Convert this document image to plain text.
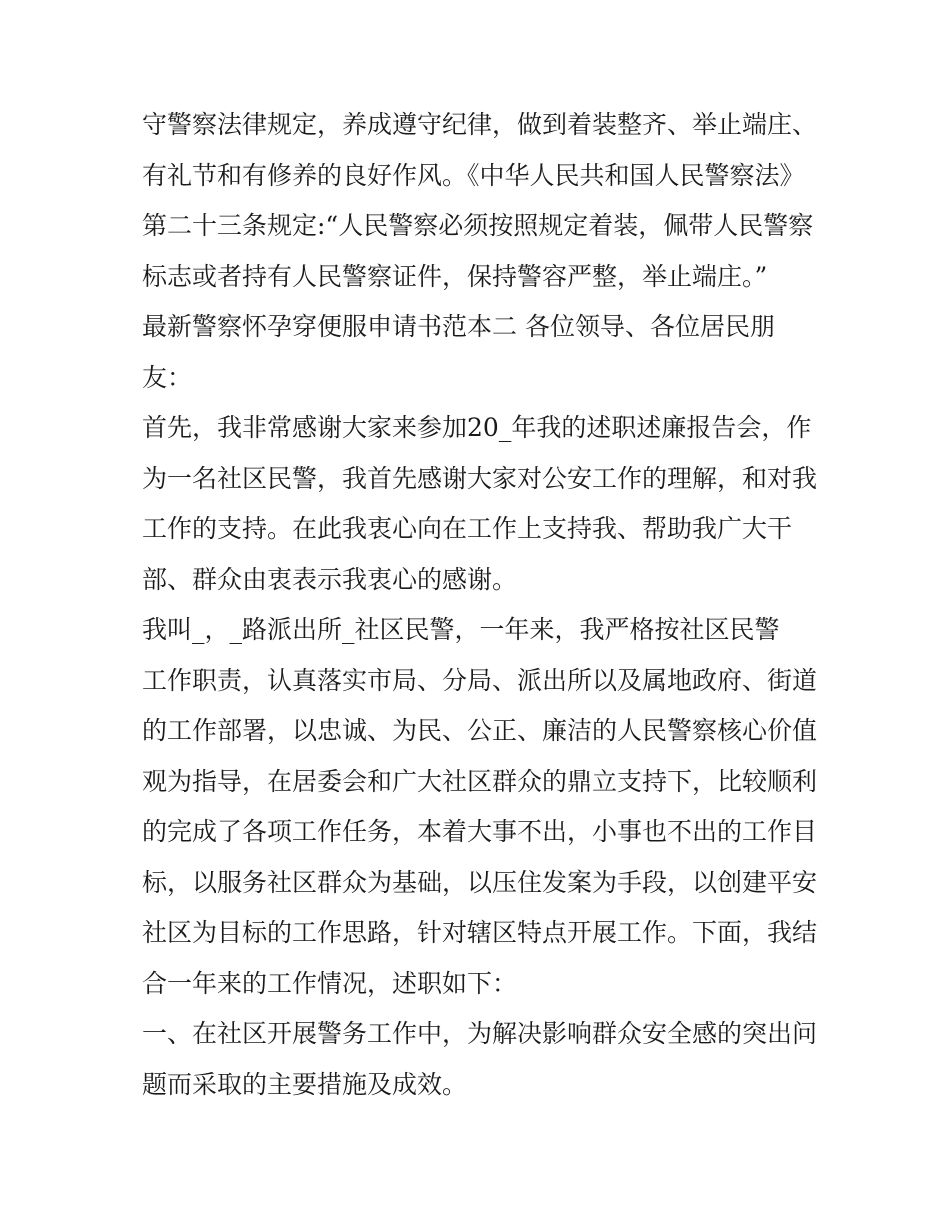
守警察法律规定，养成遵守纪律，做到着装整齐、举止端庄、
有礼节和有修养的良好作风。《中华人民共和国人民警察法》
第二十三条规定:“人民警察必须按照规定着装，佩带人民警察
标志或者持有人民警察证件，保持警容严整，举止端庄。”
最新警察怀孕穿便服申请书范本二 各位领导、各位居民朋
友：
首先，我非常感谢大家来参加20_年我的述职述廉报告会，作
为一名社区民警，我首先感谢大家对公安工作的理解，和对我
工作的支持。在此我衷心向在工作上支持我、帮助我广大干
部、群众由衷表示我衷心的感谢。
我叫_，_路派出所_社区民警，一年来，我严格按社区民警
工作职责，认真落实市局、分局、派出所以及属地政府、街道
的工作部署，以忠诚、为民、公正、廉洁的人民警察核心价值
观为指导，在居委会和广大社区群众的鼎立支持下，比较顺利
的完成了各项工作任务，本着大事不出，小事也不出的工作目
标，以服务社区群众为基础，以压住发案为手段，以创建平安
社区为目标的工作思路，针对辖区特点开展工作。下面，我结
合一年来的工作情况，述职如下：
一、在社区开展警务工作中，为解决影响群众安全感的突出问
题而采取的主要措施及成效。
